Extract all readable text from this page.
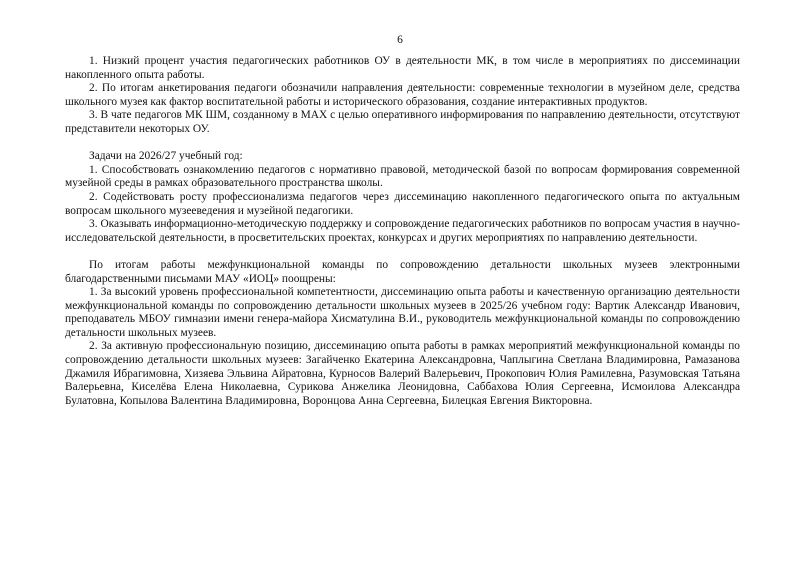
6

1. Низкий процент участия педагогических работников ОУ в деятельности МК, в том числе в мероприятиях по диссеминации накопленного опыта работы.

2. По итогам анкетирования педагоги обозначили направления деятельности: современные технологии в музейном деле, средства школьного музея как фактор воспитательной работы и исторического образования, создание интерактивных продуктов.

3. В чате педагогов МК ШМ, созданному в MAX с целью оперативного информирования по направлению деятельности, отсутствуют представители некоторых ОУ.

Задачи на 2026/27 учебный год:

1. Способствовать ознакомлению педагогов с нормативно правовой, методической базой по вопросам формирования современной музейной среды в рамках образовательного пространства школы.

2. Содействовать росту профессионализма педагогов через диссеминацию накопленного педагогического опыта по актуальным вопросам школьного музееведения и музейной педагогики.

3. Оказывать информационно-методическую поддержку и сопровождение педагогических работников по вопросам участия в научно-исследовательской деятельности, в просветительских проектах, конкурсах и других мероприятиях по направлению деятельности.

По итогам работы межфункциональной команды по сопровождению детальности школьных музеев электронными благодарственными письмами МАУ «ИОЦ» поощрены:

1. За высокий уровень профессиональной компетентности, диссеминацию опыта работы и качественную организацию деятельности межфункциональной команды по сопровождению детальности школьных музеев в 2025/26 учебном году: Вартик Александр Иванович, преподаватель МБОУ гимназии имени генера-майора Хисматулина В.И., руководитель межфункциональной команды по сопровождению детальности школьных музеев.

2. За активную профессиональную позицию, диссеминацию опыта работы в рамках мероприятий межфункциональной команды по сопровождению детальности школьных музеев: Загайченко Екатерина Александровна, Чаплыгина Светлана Владимировна, Рамазанова Джамиля Ибрагимовна, Хизяева Эльвина Айратовна, Курносов Валерий Валерьевич, Прокопович Юлия Рамилевна, Разумовская Татьяна Валерьевна, Киселёва Елена Николаевна, Сурикова Анжелика Леонидовна, Саббахова Юлия Сергеевна, Исмоилова Александра Булатовна, Копылова Валентина Владимировна, Воронцова Анна Сергеевна, Билецкая Евгения Викторовна.
